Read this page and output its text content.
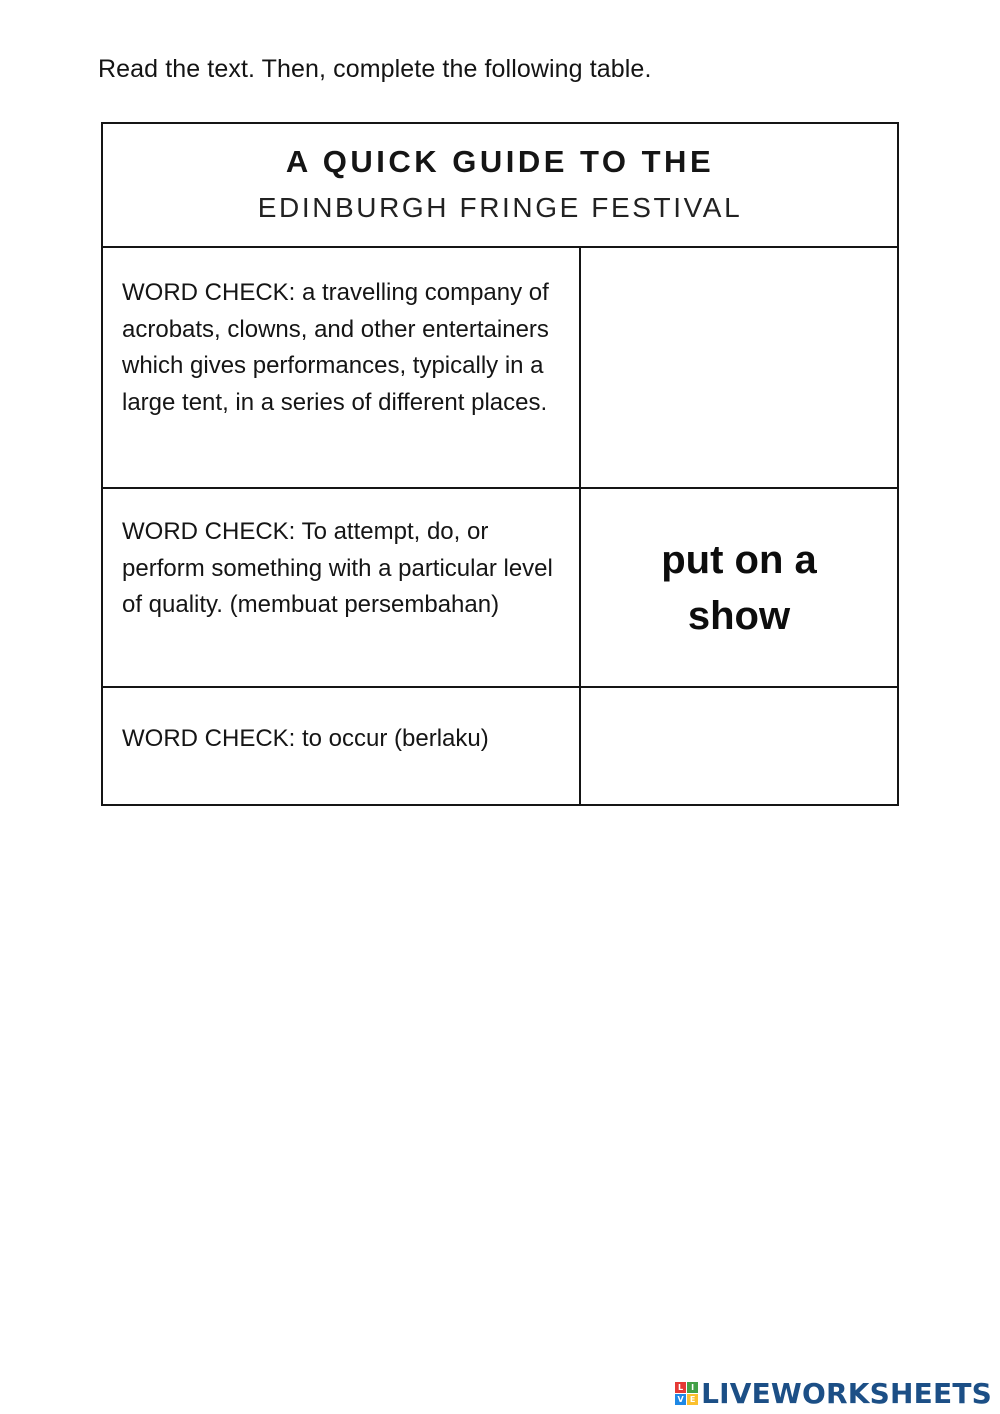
Read the text. Then, complete the following table.
A QUICK GUIDE TO THE
EDINBURGH FRINGE FESTIVAL
WORD CHECK: a travelling company of acrobats, clowns, and other entertainers which gives performances, typically in a large tent, in a series of different places.
WORD CHECK: To attempt, do, or perform something with a particular level of quality. (membuat persembahan)
put on a show
WORD CHECK: to occur (berlaku)
L I
V E LIVEWORKSHEETS
